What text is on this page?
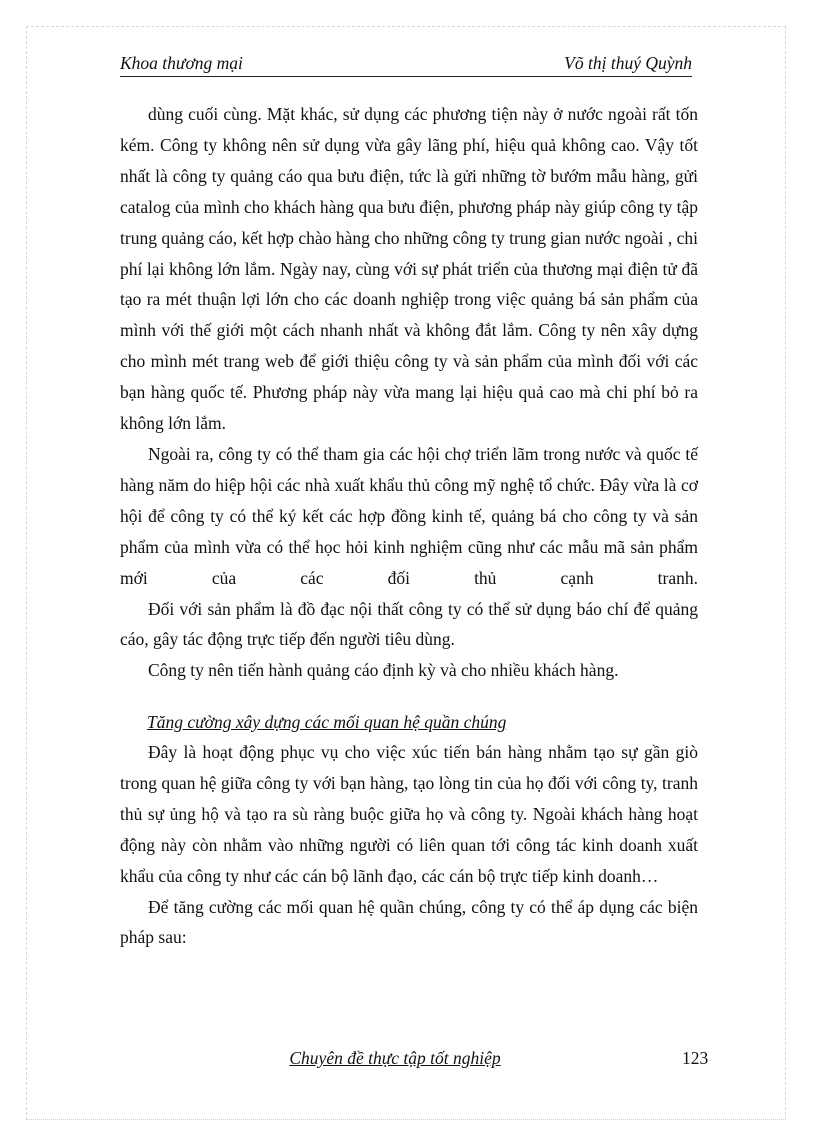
Khoa thương mại	Võ thị thuý Quỳnh

dùng cuối cùng. Mặt khác, sử dụng các phương tiện này ở nước ngoài rất tốn kém. Công ty không nên sử dụng vừa gây lãng phí, hiệu quả không cao. Vậy tốt nhất là công ty quảng cáo qua bưu điện, tức là gửi những tờ bướm mẫu hàng, gửi catalog của mình cho khách hàng qua bưu điện, phương pháp này giúp công ty tập trung quảng cáo, kết hợp chào hàng cho những công ty trung gian nước ngoài , chi phí lại không lớn lắm. Ngày nay, cùng với sự phát triển của thương mại điện tử đã tạo ra mét thuận lợi lớn cho các doanh nghiệp trong việc quảng bá sản phẩm của mình với thế giới một cách nhanh nhất và không đắt lắm. Công ty nên xây dựng cho mình mét trang web để giới thiệu công ty và sản phẩm của mình đối với các bạn hàng quốc tế. Phương pháp này vừa mang lại hiệu quả cao mà chi phí bỏ ra không lớn lắm.

Ngoài ra, công ty có thể tham gia các hội chợ triển lãm trong nước và quốc tế hàng năm do hiệp hội các nhà xuất khẩu thủ công mỹ nghệ tổ chức. Đây vừa là cơ hội để công ty có thể ký kết các hợp đồng kinh tế, quảng bá cho công ty và sản phẩm của mình vừa có thể học hỏi kinh nghiệm cũng như các mẫu mã sản phẩm mới của các đối thủ cạnh tranh.

Đối với sản phẩm là đồ đạc nội thất công ty có thể sử dụng báo chí để quảng cáo, gây tác động trực tiếp đến người tiêu dùng.

Công ty nên tiến hành quảng cáo định kỳ và cho nhiều khách hàng.

Tăng cường xây dựng các mối quan hệ quần chúng

Đây là hoạt động phục vụ cho việc xúc tiến bán hàng nhằm tạo sự gần giò trong quan hệ giữa công ty với bạn hàng, tạo lòng tin của họ đối với công ty, tranh thủ sự ủng hộ và tạo ra sù ràng buộc giữa họ và công ty. Ngoài khách hàng hoạt động này còn nhằm vào những người có liên quan tới công tác kinh doanh xuất khẩu của công ty như các cán bộ lãnh đạo, các cán bộ trực tiếp kinh doanh…

Để tăng cường các mối quan hệ quần chúng, công ty có thể áp dụng các biện pháp sau:

Chuyên đề thực tập tốt nghiệp	123
